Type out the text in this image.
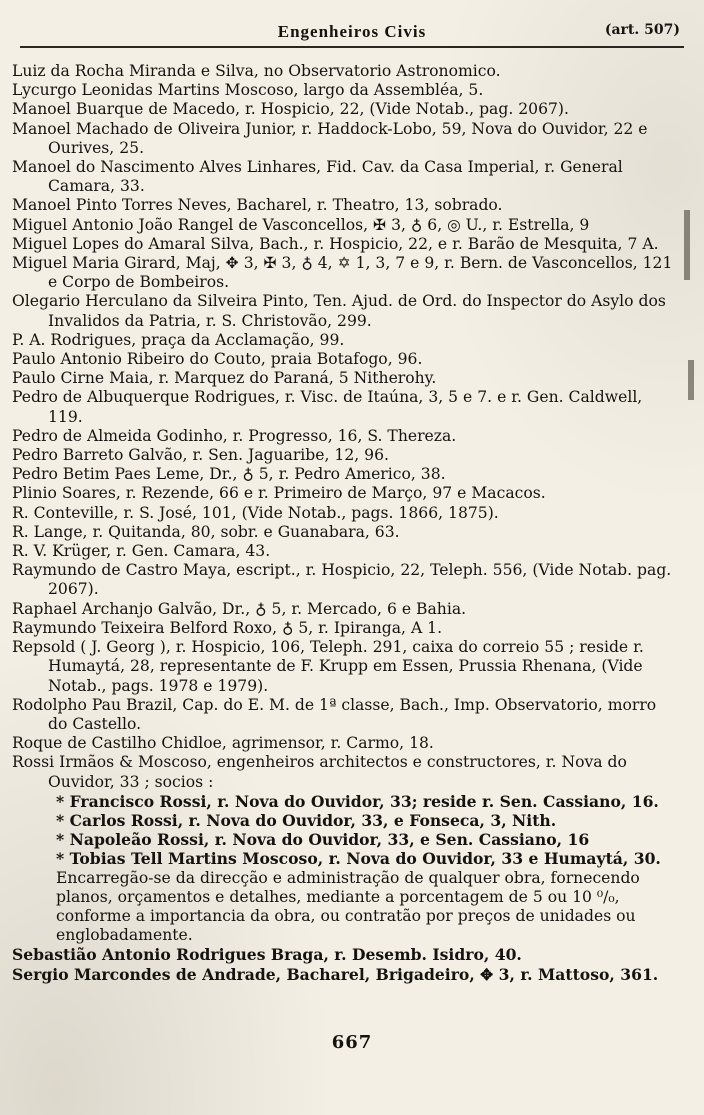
Engenheiros Civis	(art. 507)

Luiz da Rocha Miranda e Silva, no Observatorio Astronomico.

Lycurgo Leonidas Martins Moscoso, largo da Assembléa, 5.

Manoel Buarque de Macedo, r. Hospicio, 22, (Vide Notab., pag. 2067).

Manoel Machado de Oliveira Junior, r. Haddock-Lobo, 59, Nova do Ouvidor, 22 e Ourives, 25.

Manoel do Nascimento Alves Linhares, Fid. Cav. da Casa Imperial, r. General Camara, 33.

Manoel Pinto Torres Neves, Bacharel, r. Theatro, 13, sobrado.

Miguel Antonio João Rangel de Vasconcellos, ✠ 3, ♁ 6, ◎ U., r. Estrella, 9

Miguel Lopes do Amaral Silva, Bach., r. Hospicio, 22, e r. Barão de Mesquita, 7 A.

Miguel Maria Girard, Maj, ✥ 3, ✠ 3, ♁ 4, ✡ 1, 3, 7 e 9, r. Bern. de Vasconcellos, 121 e Corpo de Bombeiros.

Olegario Herculano da Silveira Pinto, Ten. Ajud. de Ord. do Inspector do Asylo dos Invalidos da Patria, r. S. Christovão, 299.

P. A. Rodrigues, praça da Acclamação, 99.

Paulo Antonio Ribeiro do Couto, praia Botafogo, 96.

Paulo Cirne Maia, r. Marquez do Paraná, 5 Nitherohy.

Pedro de Albuquerque Rodrigues, r. Visc. de Itaúna, 3, 5 e 7. e r. Gen. Caldwell, 119.

Pedro de Almeida Godinho, r. Progresso, 16, S. Thereza.

Pedro Barreto Galvão, r. Sen. Jaguaribe, 12, 96.

Pedro Betim Paes Leme, Dr., ♁ 5, r. Pedro Americo, 38.

Plinio Soares, r. Rezende, 66 e r. Primeiro de Março, 97 e Macacos.

R. Conteville, r. S. José, 101, (Vide Notab., pags. 1866, 1875).

R. Lange, r. Quitanda, 80, sobr. e Guanabara, 63.

R. V. Krüger, r. Gen. Camara, 43.

Raymundo de Castro Maya, escript., r. Hospicio, 22, Teleph. 556, (Vide Notab. pag. 2067).

Raphael Archanjo Galvão, Dr., ♁ 5, r. Mercado, 6 e Bahia.

Raymundo Teixeira Belford Roxo, ♁ 5, r. Ipiranga, A 1.

Repsold ( J. Georg ), r. Hospicio, 106, Teleph. 291, caixa do correio 55 ; reside r. Humaytá, 28, representante de F. Krupp em Essen, Prussia Rhenana, (Vide Notab., pags. 1978 e 1979).

Rodolpho Pau Brazil, Cap. do E. M. de 1ª classe, Bach., Imp. Observatorio, morro do Castello.

Roque de Castilho Chidloe, agrimensor, r. Carmo, 18.

Rossi Irmãos & Moscoso, engenheiros architectos e constructores, r. Nova do Ouvidor, 33 ; socios :

* Francisco Rossi, r. Nova do Ouvidor, 33; reside r. Sen. Cassiano, 16.

* Carlos Rossi, r. Nova do Ouvidor, 33, e Fonseca, 3, Nith.

* Napoleão Rossi, r. Nova do Ouvidor, 33, e Sen. Cassiano, 16

* Tobias Tell Martins Moscoso, r. Nova do Ouvidor, 33 e Humaytá, 30.

Encarregão-se da direcção e administração de qualquer obra, fornecendo planos, orçamentos e detalhes, mediante a porcentagem de 5 ou 10 ⁰/₀, conforme a importancia da obra, ou contratão por preços de unidades ou englobadamente.

Sebastião Antonio Rodrigues Braga, r. Desemb. Isidro, 40.

Sergio Marcondes de Andrade, Bacharel, Brigadeiro, ✥ 3, r. Mattoso, 361.

667
